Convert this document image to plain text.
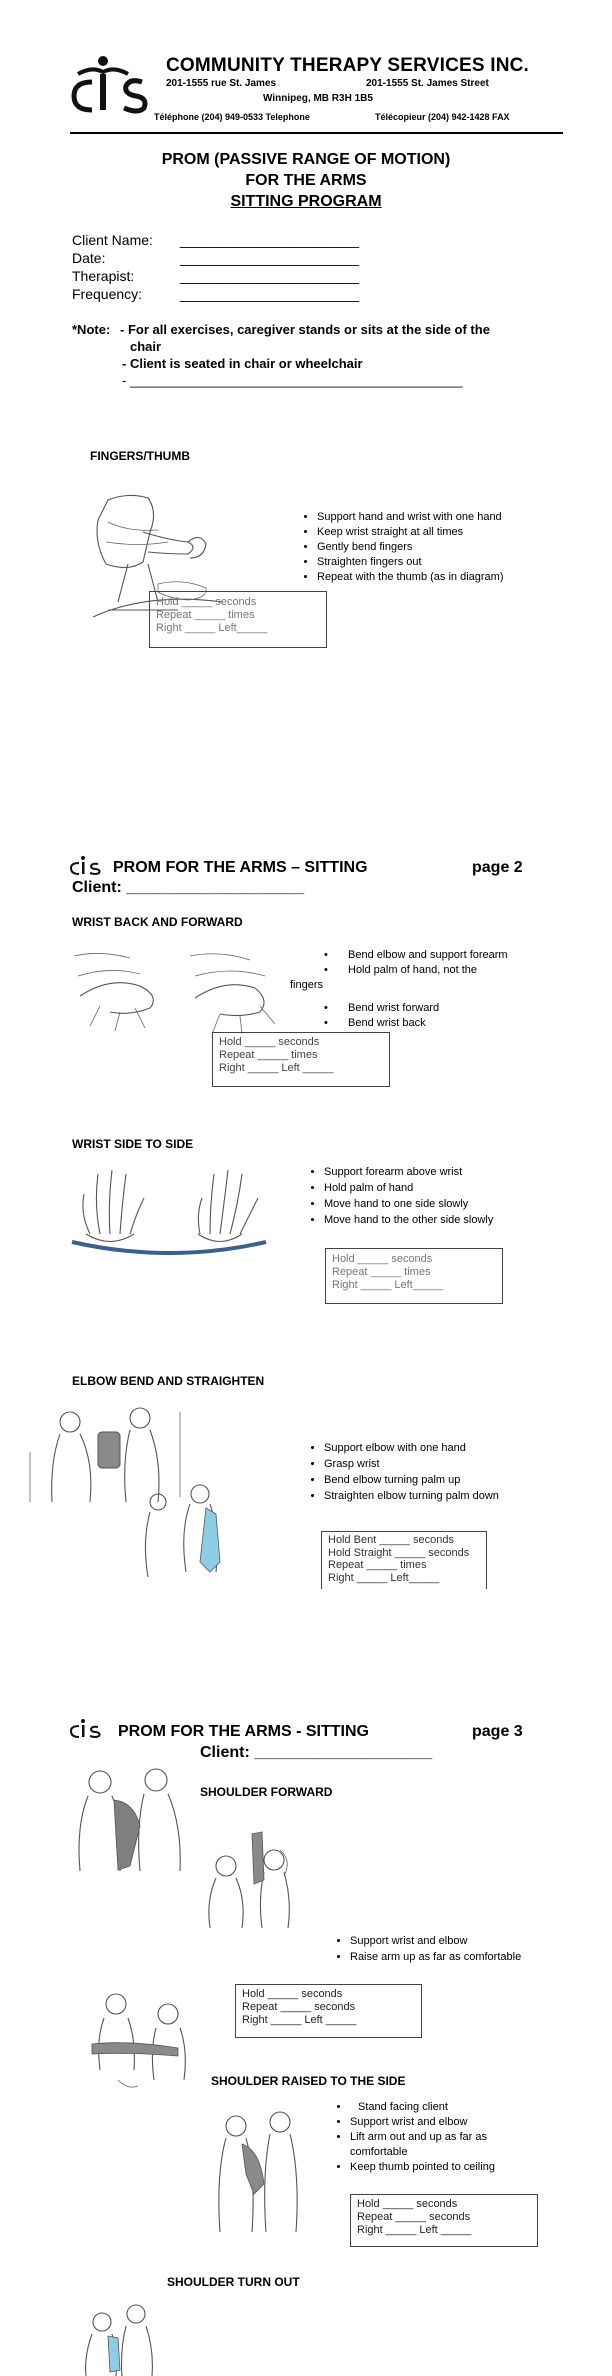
COMMUNITY THERAPY SERVICES INC.
201-1555 rue St. James	201-1555 St. James Street
Winnipeg, MB R3H 1B5
Téléphone (204) 949-0533 Telephone	Télécopieur (204) 942-1428 FAX
PROM (PASSIVE RANGE OF MOTION)
FOR THE ARMS
SITTING PROGRAM
Client Name:	_______________________
Date:	_______________________
Therapist:	_______________________
Frequency:	_______________________
*Note: - For all exercises, caregiver stands or sits at the side of the
chair
- Client is seated in chair or wheelchair
- ______________________________________________
FINGERS/THUMB
• Support hand and wrist with one hand
• Keep wrist straight at all times
• Gently bend fingers
• Straighten fingers out
• Repeat with the thumb (as in diagram)
Hold _____ seconds
Repeat _____ times
Right _____ Left_____
PROM FOR THE ARMS – SITTING	page 2
Client: ____________________
WRIST BACK AND FORWARD
• Bend elbow and support forearm
• Hold palm of hand, not the
fingers
• Bend wrist forward
• Bend wrist back
Hold _____ seconds
Repeat _____ times
Right _____ Left _____
WRIST SIDE TO SIDE
• Support forearm above wrist
• Hold palm of hand
• Move hand to one side slowly
• Move hand to the other side slowly
Hold _____ seconds
Repeat _____ times
Right _____ Left_____
ELBOW BEND AND STRAIGHTEN
• Support elbow with one hand
• Grasp wrist
• Bend elbow turning palm up
• Straighten elbow turning palm down
Hold Bent _____ seconds
Hold Straight _____ seconds
Repeat _____ times
Right _____ Left_____
PROM FOR THE ARMS - SITTING	page 3
Client: ____________________
SHOULDER FORWARD
• Support wrist and elbow
• Raise arm up as far as comfortable
Hold _____ seconds
Repeat _____ seconds
Right _____ Left _____
SHOULDER RAISED TO THE SIDE
• Stand facing client
• Support wrist and elbow
• Lift arm out and up as far as
comfortable
• Keep thumb pointed to ceiling
Hold _____ seconds
Repeat _____ seconds
Right _____ Left _____
SHOULDER TURN OUT
